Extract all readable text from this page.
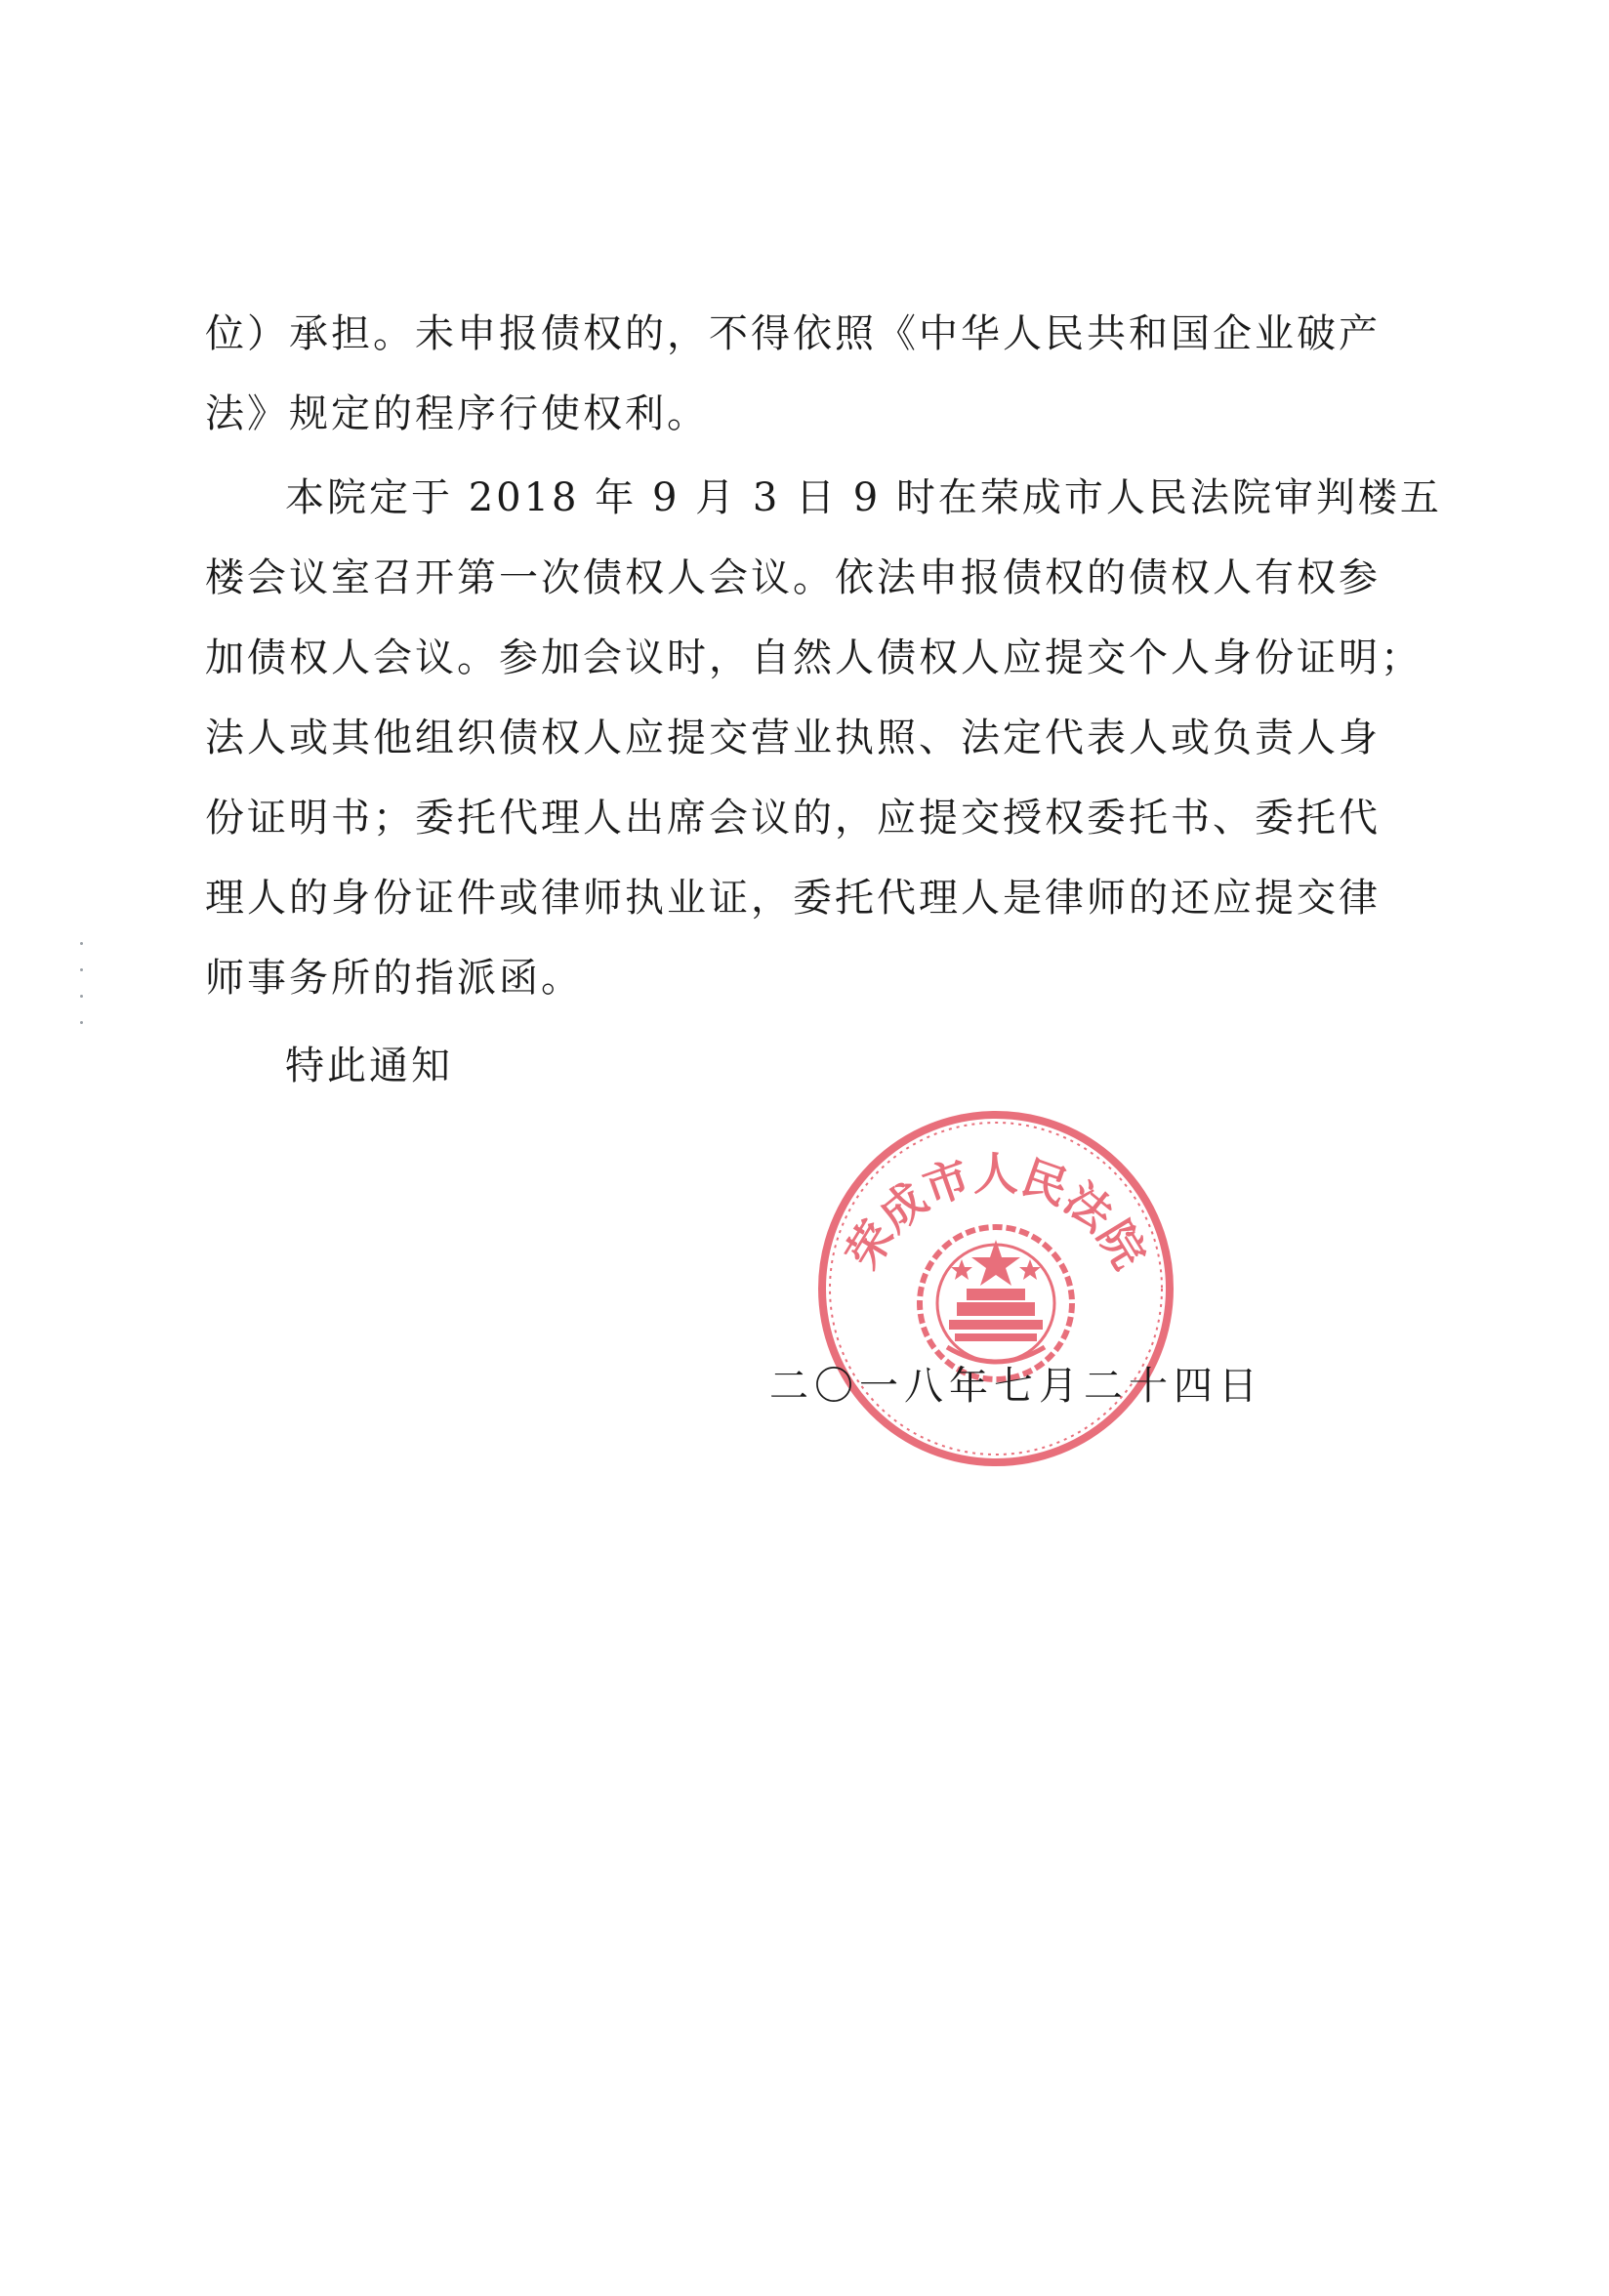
位）承担。未申报债权的，不得依照《中华人民共和国企业破产
法》规定的程序行使权利。
本院定于 2018 年 9 月 3 日 9 时在荣成市人民法院审判楼五
楼会议室召开第一次债权人会议。依法申报债权的债权人有权参
加债权人会议。参加会议时，自然人债权人应提交个人身份证明；
法人或其他组织债权人应提交营业执照、法定代表人或负责人身
份证明书；委托代理人出席会议的，应提交授权委托书、委托代
理人的身份证件或律师执业证，委托代理人是律师的还应提交律
师事务所的指派函。
特此通知
荣成市人民法院
二〇一八年七月二十四日
